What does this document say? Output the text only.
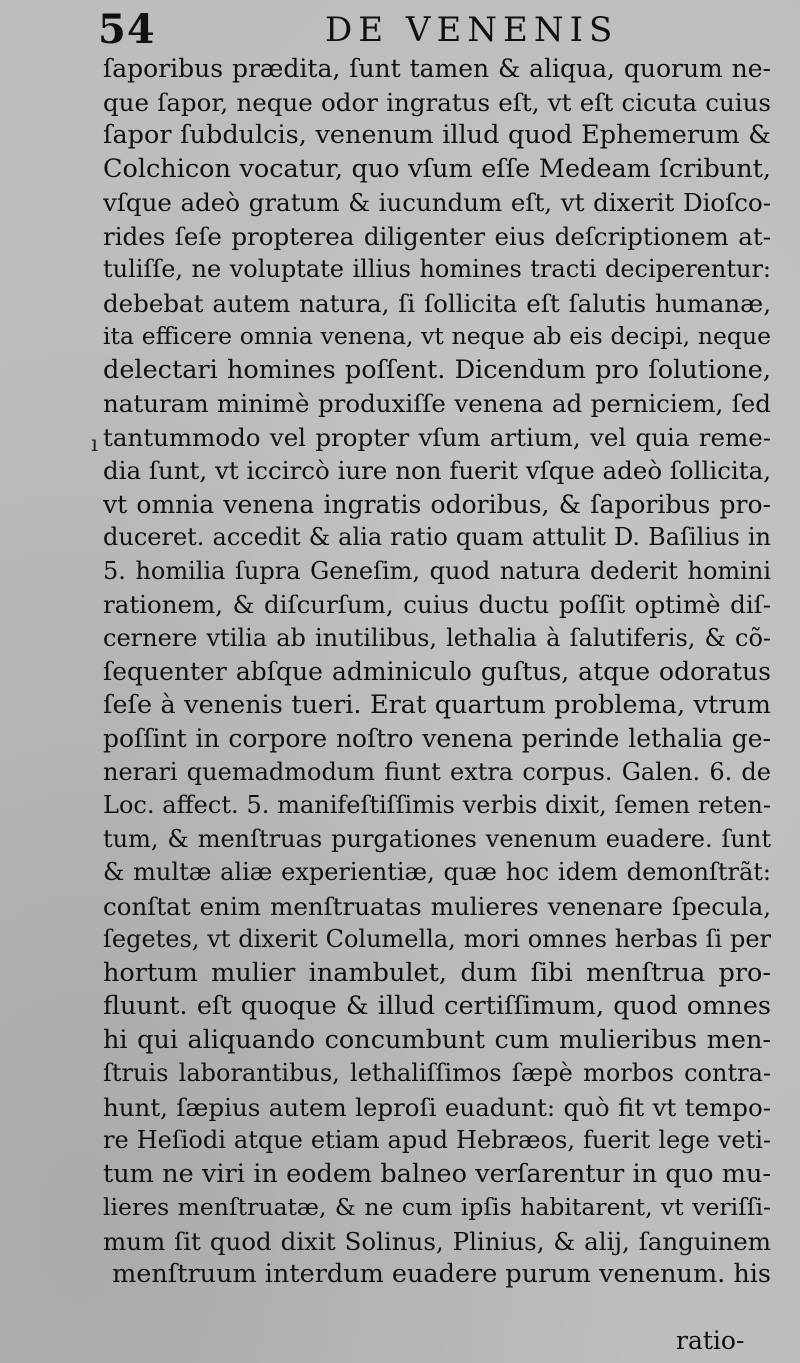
54	DE VENENIS
ı
ſaporibus prædita, ſunt tamen & aliqua, quorum ne-
que ſapor, neque odor ingratus eſt, vt eſt cicuta cuius
ſapor ſubdulcis, venenum illud quod Ephemerum &
Colchicon vocatur, quo vſum eſſe Medeam ſcribunt,
vſque adeò gratum & iucundum eſt, vt dixerit Dioſco-
rides ſeſe propterea diligenter eius deſcriptionem at-
tuliſſe, ne voluptate illius homines tracti deciperentur:
debebat autem natura, ſi ſollicita eſt ſalutis humanæ,
ita efficere omnia venena, vt neque ab eis decipi, neque
delectari homines poſſent. Dicendum pro ſolutione,
naturam minimè produxiſſe venena ad perniciem, ſed
tantummodo vel propter vſum artium, vel quia reme-
dia ſunt, vt iccircò iure non fuerit vſque adeò ſollicita,
vt omnia venena ingratis odoribus, & ſaporibus pro-
duceret. accedit & alia ratio quam attulit D. Baſilius in
5. homilia ſupra Geneſim, quod natura dederit homini
rationem, & diſcurſum, cuius ductu poſſit optimè diſ-
cernere vtilia ab inutilibus, lethalia à ſalutiferis, & cõ-
ſequenter abſque adminiculo guſtus, atque odoratus
ſeſe à venenis tueri. Erat quartum problema, vtrum
poſſint in corpore noſtro venena perinde lethalia ge-
nerari quemadmodum fiunt extra corpus. Galen. 6. de
Loc. affect. 5. manifeſtiſſimis verbis dixit, ſemen reten-
tum, & menſtruas purgationes venenum euadere. ſunt
& multæ aliæ experientiæ, quæ hoc idem demonſtrãt:
conſtat enim menſtruatas mulieres venenare ſpecula,
ſegetes, vt dixerit Columella, mori omnes herbas ſi per
hortum mulier inambulet, dum ſibi menſtrua pro-
fluunt. eſt quoque & illud certiſſimum, quod omnes
hi qui aliquando concumbunt cum mulieribus men-
ſtruis laborantibus, lethaliſſimos ſæpè morbos contra-
hunt, ſæpius autem leproſi euadunt: quò fit vt tempo-
re Heſiodi atque etiam apud Hebræos, fuerit lege veti-
tum ne viri in eodem balneo verſarentur in quo mu-
lieres menſtruatæ, & ne cum ipſis habitarent, vt veriſſi-
mum ſit quod dixit Solinus, Plinius, & alij, ſanguinem
menſtruum interdum euadere purum venenum. his
ratio-
